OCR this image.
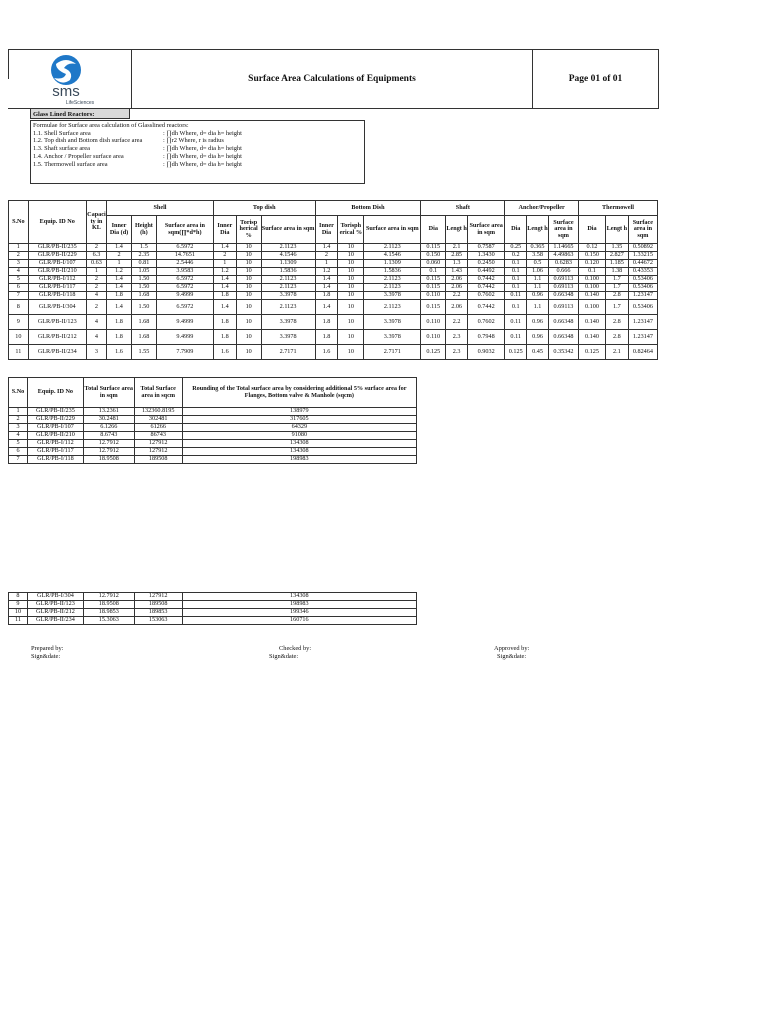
sms
LifeSciences
Surface Area Calculations of Equipments	Page 01 of 01
Glass Lined Reactors:
Formulae for Surface area calculation of Glasslined reactors:
1.1. Shell Surface area	: ∏dh Where, d= dia h= height
1.2. Top dish and Bottom dish surface area	: ∏r2 Where, r is radius
1.3. Shaft surface area	: ∏dh Where, d= dia h= height
1.4. Anchor / Propeller surface area	: ∏dh Where, d= dia h= height
1.5. Thermowell surface area	: ∏dh Where, d= dia h= height
S.No	Equip. ID No	Capaci ty in KL	Shell			Top dish			Bottom Dish			Shaft			Anchor/Propeller			Thermowell		
			Inner Dia (d)	Height (h)	Surface area in sqm(∏*d*h)	Inner Dia	Torisp herical %	Surface area in sqm	Inner Dia	Torisph erical %	Surface area in sqm	Dia	Lengt h	Surface area in sqm	Dia	Lengt h	Surface area in sqm	Dia	Lengt h	Surface area in sqm
1	GLR/PB-II/235	2	1.4	1.5	6.5972	1.4	10	2.1123	1.4	10	2.1123	0.115	2.1	0.7587	0.25	0.365	1.14665	0.12	1.35	0.50892
2	GLR/PB-II/229	6.3	2	2.35	14.7651	2	10	4.1546	2	10	4.1546	0.150	2.85	1.3430	0.2	3.58	4.49863	0.150	2.827	1.33215
3	GLR/PB-I/107	0.63	1	0.81	2.5446	1	10	1.1309	1	10	1.1309	0.060	1.3	0.2450	0.1	0.5	0.6283	0.120	1.185	0.44672
4	GLR/PB-II/210	1	1.2	1.05	3.9583	1.2	10	1.5836	1.2	10	1.5836	0.1	1.43	0.4492	0.1	1.06	0.666	0.1	1.38	0.43353
5	GLR/PB-I/112	2	1.4	1.50	6.5972	1.4	10	2.1123	1.4	10	2.1123	0.115	2.06	0.7442	0.1	1.1	0.69113	0.100	1.7	0.53406
6	GLR/PB-I/117	2	1.4	1.50	6.5972	1.4	10	2.1123	1.4	10	2.1123	0.115	2.06	0.7442	0.1	1.1	0.69113	0.100	1.7	0.53406
7	GLR/PB-I/118	4	1.8	1.68	9.4999	1.8	10	3.3978	1.8	10	3.3978	0.110	2.2	0.7602	0.11	0.96	0.66348	0.140	2.8	1.23147
8	GLR/PB-I/304	2	1.4	1.50	6.5972	1.4	10	2.1123	1.4	10	2.1123	0.115	2.06	0.7442	0.1	1.1	0.69113	0.100	1.7	0.53406
9	GLR/PB-II/123	4	1.8	1.68	9.4999	1.8	10	3.3978	1.8	10	3.3978	0.110	2.2	0.7602	0.11	0.96	0.66348	0.140	2.8	1.23147
10	GLR/PB-II/212	4	1.8	1.68	9.4999	1.8	10	3.3978	1.8	10	3.3978	0.110	2.3	0.7948	0.11	0.96	0.66348	0.140	2.8	1.23147
11	GLR/PB-II/234	3	1.6	1.55	7.7909	1.6	10	2.7171	1.6	10	2.7171	0.125	2.3	0.9032	0.125	0.45	0.35342	0.125	2.1	0.82464
S.No	Equip. ID No	Total Surface area in sqm	Total Surface area in sqcm	Rounding of the Total surface area by considering additional 5% surface area for Flanges, Bottom valve & Manhole (sqcm)
1	GLR/PB-II/235	13.2361	132360.8195	138979
2	GLR/PB-II/229	30.2481	302481	317605
3	GLR/PB-I/107	6.1266	61266	64329
4	GLR/PB-II/210	8.6743	86743	91080
5	GLR/PB-I/112	12.7912	127912	134308
6	GLR/PB-I/117	12.7912	127912	134308
7	GLR/PB-I/118	18.9508	189508	198983
8	GLR/PB-I/304	12.7912	127912	134308
9	GLR/PB-II/123	18.9508	189508	198983
10	GLR/PB-II/212	18.9853	189853	199346
11	GLR/PB-II/234	15.3063	153063	160716
Prepared by:
Sign&date:
Checked by:
Sign&date:
Approved by:
Sign&date:
